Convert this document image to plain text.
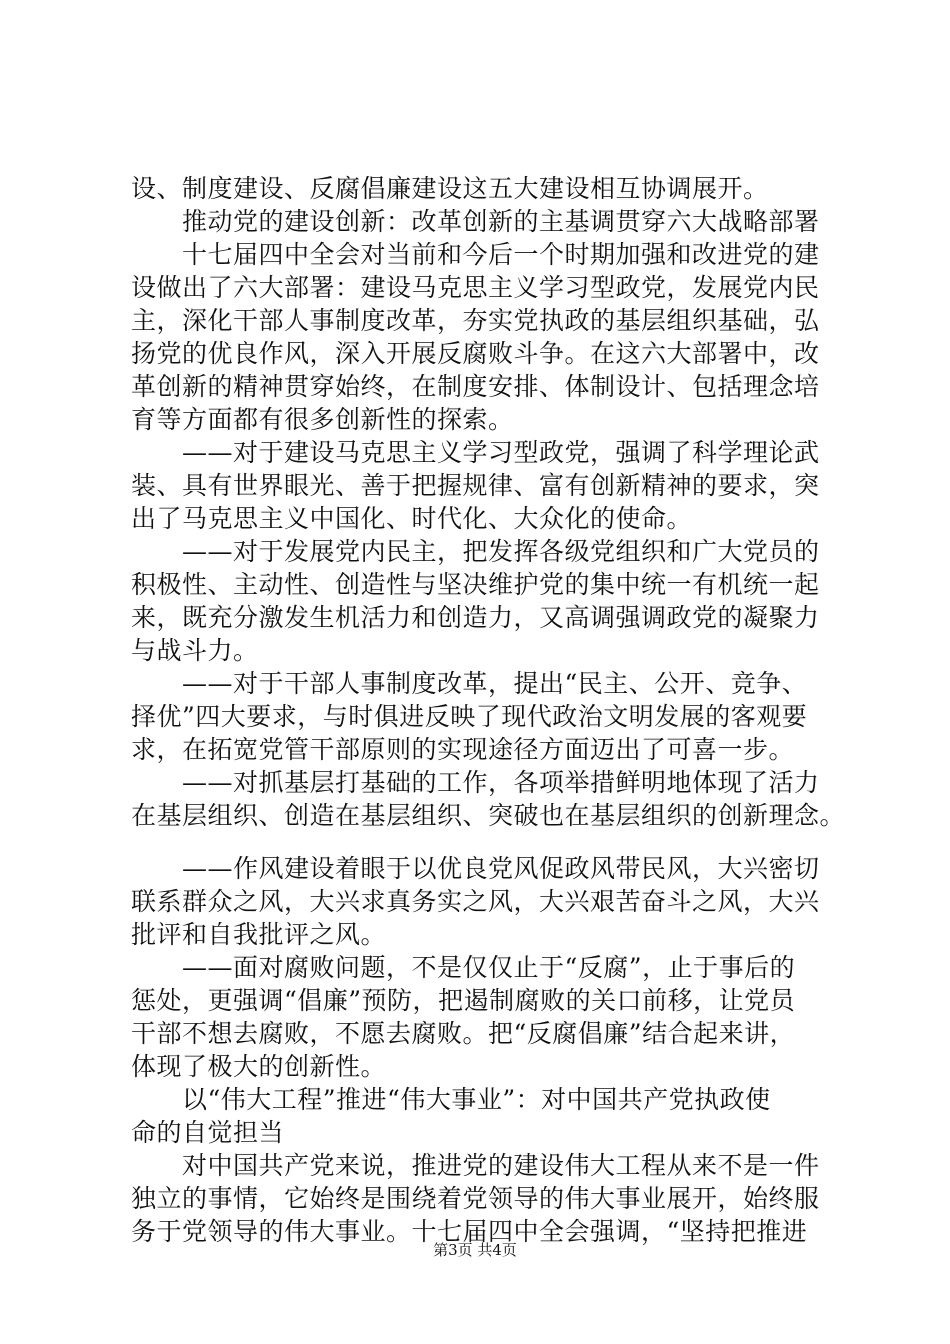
设、制度建设、反腐倡廉建设这五大建设相互协调展开。
　　推动党的建设创新：改革创新的主基调贯穿六大战略部署
　　十七届四中全会对当前和今后一个时期加强和改进党的建
设做出了六大部署：建设马克思主义学习型政党，发展党内民
主，深化干部人事制度改革，夯实党执政的基层组织基础，弘
扬党的优良作风，深入开展反腐败斗争。在这六大部署中，改
革创新的精神贯穿始终，在制度安排、体制设计、包括理念培
育等方面都有很多创新性的探索。
　　——对于建设马克思主义学习型政党，强调了科学理论武
装、具有世界眼光、善于把握规律、富有创新精神的要求，突
出了马克思主义中国化、时代化、大众化的使命。
　　——对于发展党内民主，把发挥各级党组织和广大党员的
积极性、主动性、创造性与坚决维护党的集中统一有机统一起
来，既充分激发生机活力和创造力，又高调强调政党的凝聚力
与战斗力。
　　——对于干部人事制度改革，提出“民主、公开、竞争、
择优”四大要求，与时俱进反映了现代政治文明发展的客观要
求，在拓宽党管干部原则的实现途径方面迈出了可喜一步。
　　——对抓基层打基础的工作，各项举措鲜明地体现了活力
在基层组织、创造在基层组织、突破也在基层组织的创新理念。
　　——作风建设着眼于以优良党风促政风带民风，大兴密切
联系群众之风，大兴求真务实之风，大兴艰苦奋斗之风，大兴
批评和自我批评之风。
　　——面对腐败问题，不是仅仅止于“反腐”，止于事后的
惩处，更强调“倡廉”预防，把遏制腐败的关口前移，让党员
干部不想去腐败，不愿去腐败。把“反腐倡廉”结合起来讲，
体现了极大的创新性。
　　以“伟大工程”推进“伟大事业”：对中国共产党执政使
命的自觉担当
　　对中国共产党来说，推进党的建设伟大工程从来不是一件
独立的事情，它始终是围绕着党领导的伟大事业展开，始终服
务于党领导的伟大事业。十七届四中全会强调，“坚持把推进
第3页 共4页
